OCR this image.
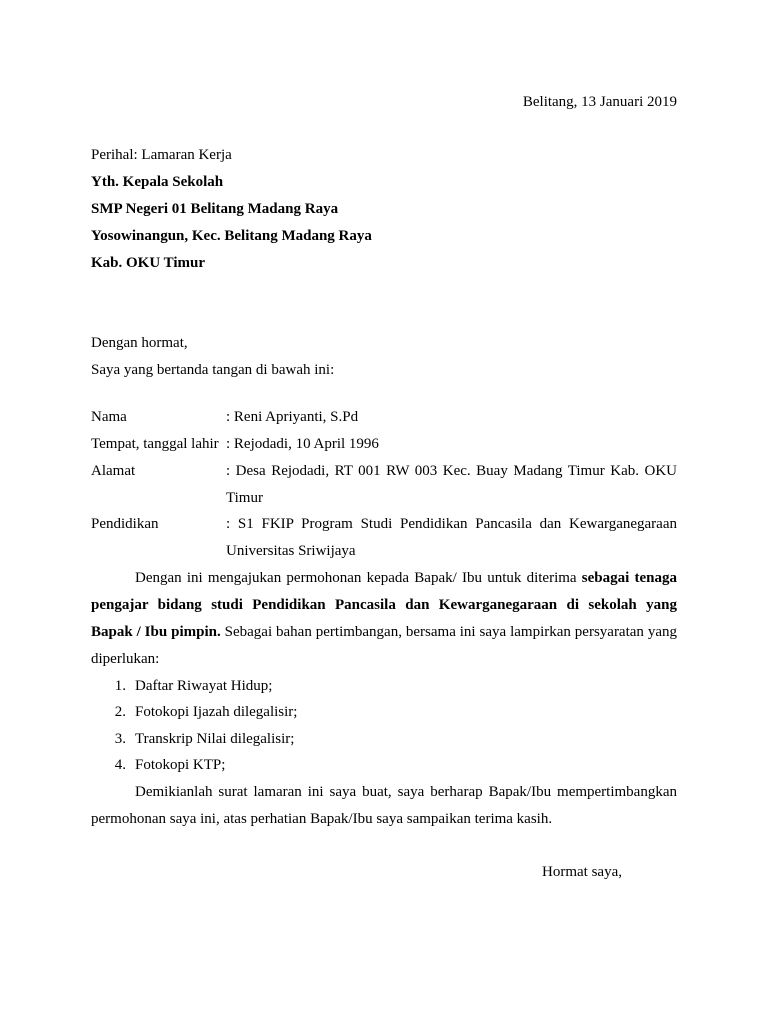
Belitang, 13 Januari 2019
Perihal: Lamaran Kerja
Yth. Kepala Sekolah
SMP Negeri 01 Belitang Madang Raya
Yosowinangun, Kec. Belitang Madang Raya
Kab. OKU Timur
Dengan hormat,
Saya yang bertanda tangan di bawah ini:
Nama	: Reni Apriyanti, S.Pd
Tempat, tanggal lahir : Rejodadi, 10 April 1996
Alamat	: Desa Rejodadi, RT 001 RW 003 Kec. Buay Madang Timur Kab. OKU
Timur
Pendidikan	: S1 FKIP Program Studi Pendidikan Pancasila dan Kewarganegaraan
Universitas Sriwijaya
Dengan ini mengajukan permohonan kepada Bapak/ Ibu untuk diterima sebagai tenaga
pengajar bidang studi Pendidikan Pancasila dan Kewarganegaraan di sekolah yang
Bapak / Ibu pimpin. Sebagai bahan pertimbangan, bersama ini saya lampirkan persyaratan yang
diperlukan:
1. Daftar Riwayat Hidup;
2. Fotokopi Ijazah dilegalisir;
3. Transkrip Nilai dilegalisir;
4. Fotokopi KTP;
Demikianlah surat lamaran ini saya buat, saya berharap Bapak/Ibu mempertimbangkan
permohonan saya ini, atas perhatian Bapak/Ibu saya sampaikan terima kasih.
Hormat saya,
